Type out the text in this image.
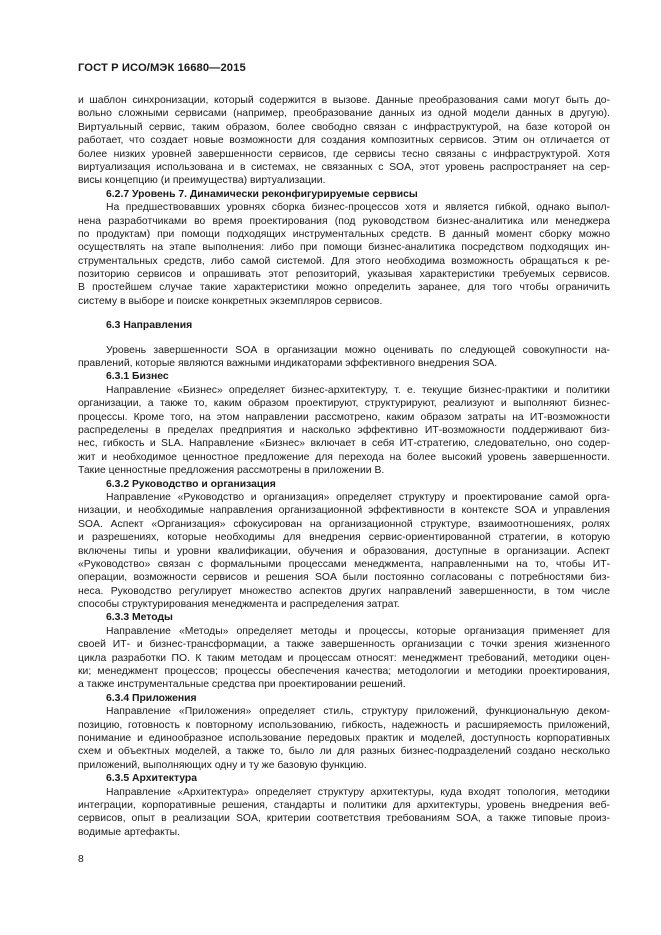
ГОСТ Р ИСО/МЭК 16680—2015
и шаблон синхронизации, который содержится в вызове. Данные преобразования сами могут быть до-
вольно сложными сервисами (например, преобразование данных из одной модели данных в другую).
Виртуальный сервис, таким образом, более свободно связан с инфраструктурой, на базе которой он
работает, что создает новые возможности для создания композитных сервисов. Этим он отличается от
более низких уровней завершенности сервисов, где сервисы тесно связаны с инфраструктурой. Хотя
виртуализация использована и в системах, не связанных с SOA, этот уровень распространяет на сер-
висы концепцию (и преимущества) виртуализации.
6.2.7 Уровень 7. Динамически реконфигурируемые сервисы
На предшествовавших уровнях сборка бизнес-процессов хотя и является гибкой, однако выпол-
нена разработчиками во время проектирования (под руководством бизнес-аналитика или менеджера
по продуктам) при помощи подходящих инструментальных средств. В данный момент сборку можно
осуществлять на этапе выполнения: либо при помощи бизнес-аналитика посредством подходящих ин-
струментальных средств, либо самой системой. Для этого необходима возможность обращаться к ре-
позиторию сервисов и опрашивать этот репозиторий, указывая характеристики требуемых сервисов.
В простейшем случае такие характеристики можно определить заранее, для того чтобы ограничить
систему в выборе и поиске конкретных экземпляров сервисов.
6.3 Направления
Уровень завершенности SOA в организации можно оценивать по следующей совокупности на-
правлений, которые являются важными индикаторами эффективного внедрения SOA.
6.3.1 Бизнес
Направление «Бизнес» определяет бизнес-архитектуру, т. е. текущие бизнес-практики и политики
организации, а также то, каким образом проектируют, структурируют, реализуют и выполняют бизнес-
процессы. Кроме того, на этом направлении рассмотрено, каким образом затраты на ИТ-возможности
распределены в пределах предприятия и насколько эффективно ИТ-возможности поддерживают биз-
нес, гибкость и SLA. Направление «Бизнес» включает в себя ИТ-стратегию, следовательно, оно содер-
жит и необходимое ценностное предложение для перехода на более высокий уровень завершенности.
Такие ценностные предложения рассмотрены в приложении В.
6.3.2 Руководство и организация
Направление «Руководство и организация» определяет структуру и проектирование самой орга-
низации, и необходимые направления организационной эффективности в контексте SOA и управления
SOA. Аспект «Организация» сфокусирован на организационной структуре, взаимоотношениях, ролях
и разрешениях, которые необходимы для внедрения сервис-ориентированной стратегии, в которую
включены типы и уровни квалификации, обучения и образования, доступные в организации. Аспект
«Руководство» связан с формальными процессами менеджмента, направленными на то, чтобы ИТ-
операции, возможности сервисов и решения SOA были постоянно согласованы с потребностями биз-
неса. Руководство регулирует множество аспектов других направлений завершенности, в том числе
способы структурирования менеджмента и распределения затрат.
6.3.3 Методы
Направление «Методы» определяет методы и процессы, которые организация применяет для
своей ИТ- и бизнес-трансформации, а также завершенность организации с точки зрения жизненного
цикла разработки ПО. К таким методам и процессам относят: менеджмент требований, методики оцен-
ки; менеджмент процессов; процессы обеспечения качества; методологии и методики проектирования,
а также инструментальные средства при проектировании решений.
6.3.4 Приложения
Направление «Приложения» определяет стиль, структуру приложений, функциональную деком-
позицию, готовность к повторному использованию, гибкость, надежность и расширяемость приложений,
понимание и единообразное использование передовых практик и моделей, доступность корпоративных
схем и объектных моделей, а также то, было ли для разных бизнес-подразделений создано несколько
приложений, выполняющих одну и ту же базовую функцию.
6.3.5 Архитектура
Направление «Архитектура» определяет структуру архитектуры, куда входят топология, методики
интеграции, корпоративные решения, стандарты и политики для архитектуры, уровень внедрения веб-
сервисов, опыт в реализации SOA, критерии соответствия требованиям SOA, а также типовые произ-
водимые артефакты.
8
